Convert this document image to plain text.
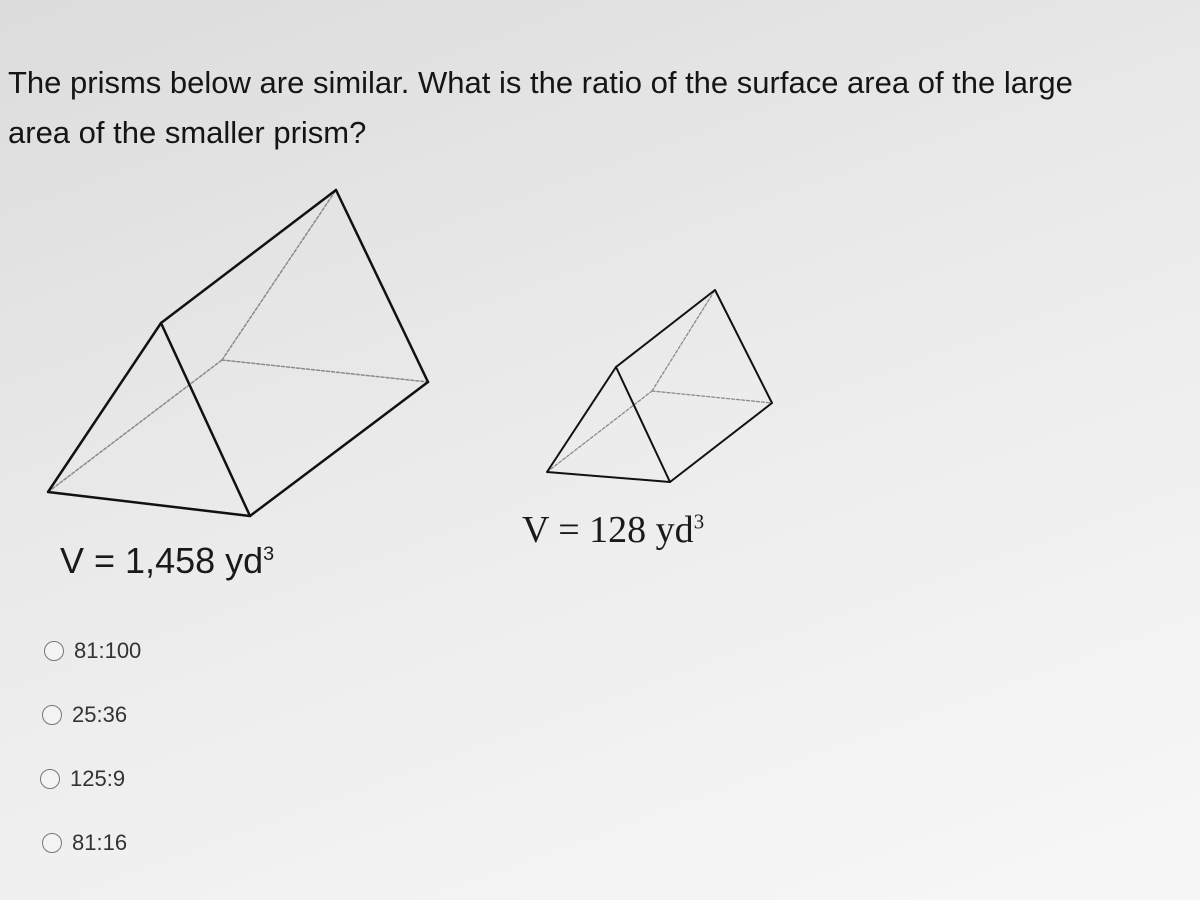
The prisms below are similar. What is the ratio of the surface area of the large
area of the smaller prism?
V = 1,458 $yd^3$
V = 128 $yd^3$
81:100
25:36
125:9
81:16
